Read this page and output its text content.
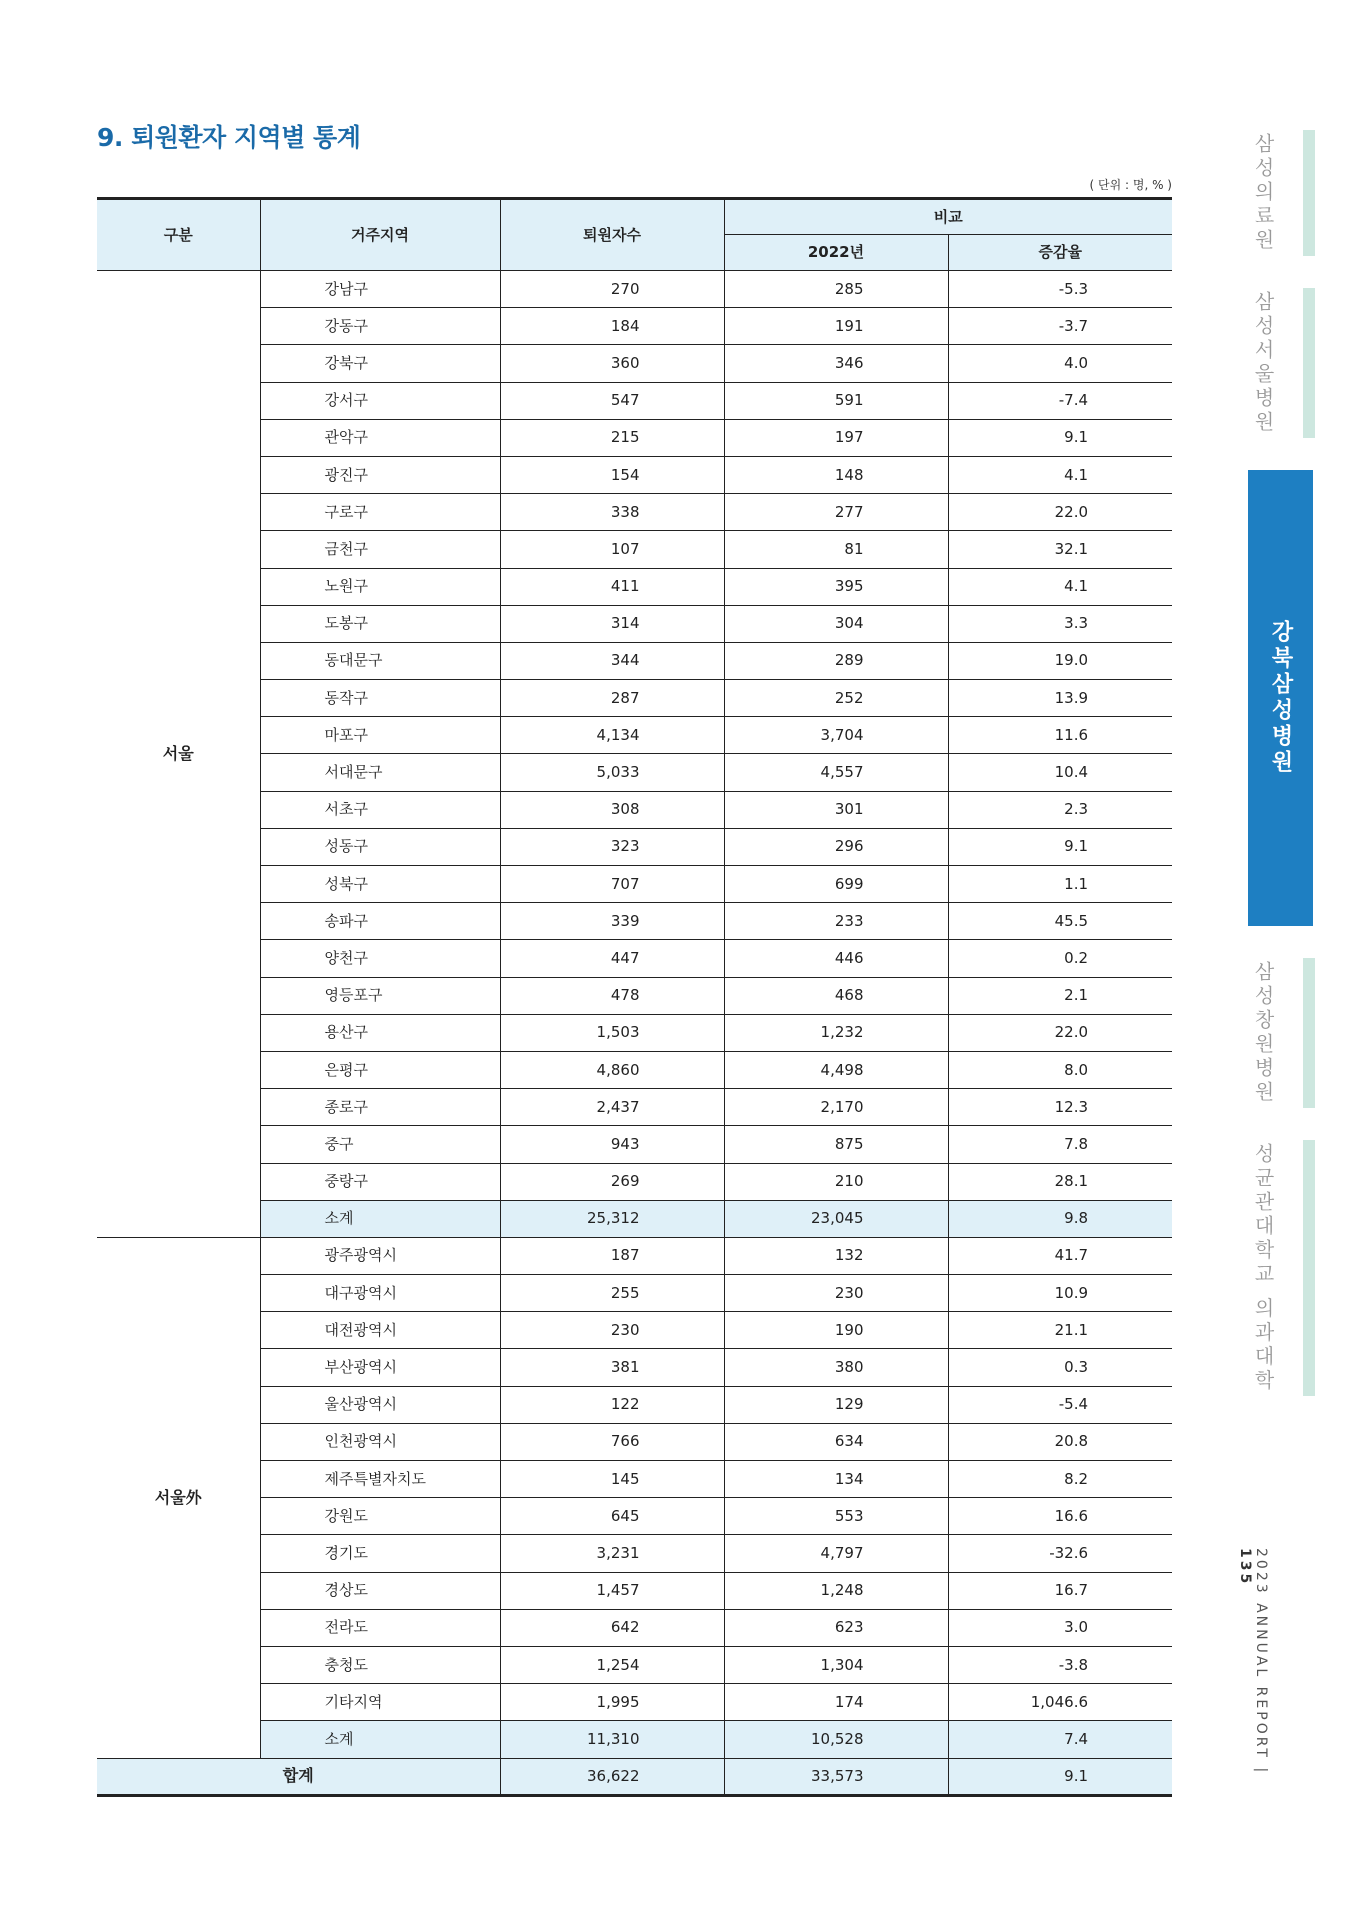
9. 퇴원환자 지역별 통계
( 단위 : 명, % )
구분	거주지역	퇴원자수	비교	
			2022년	증감율
서울	강남구	270	285	-5.3
	강동구	184	191	-3.7
	강북구	360	346	4.0
	강서구	547	591	-7.4
	관악구	215	197	9.1
	광진구	154	148	4.1
	구로구	338	277	22.0
	금천구	107	81	32.1
	노원구	411	395	4.1
	도봉구	314	304	3.3
	동대문구	344	289	19.0
	동작구	287	252	13.9
	마포구	4,134	3,704	11.6
	서대문구	5,033	4,557	10.4
	서초구	308	301	2.3
	성동구	323	296	9.1
	성북구	707	699	1.1
	송파구	339	233	45.5
	양천구	447	446	0.2
	영등포구	478	468	2.1
	용산구	1,503	1,232	22.0
	은평구	4,860	4,498	8.0
	종로구	2,437	2,170	12.3
	중구	943	875	7.8
	중랑구	269	210	28.1
	소계	25,312	23,045	9.8
서울外	광주광역시	187	132	41.7
	대구광역시	255	230	10.9
	대전광역시	230	190	21.1
	부산광역시	381	380	0.3
	울산광역시	122	129	-5.4
	인천광역시	766	634	20.8
	제주특별자치도	145	134	8.2
	강원도	645	553	16.6
	경기도	3,231	4,797	-32.6
	경상도	1,457	1,248	16.7
	전라도	642	623	3.0
	충청도	1,254	1,304	-3.8
	기타지역	1,995	174	1,046.6
	소계	11,310	10,528	7.4
합계		36,622	33,573	9.1
삼성의료원
삼성서울병원
강북삼성병원
삼성창원병원
성균관대학교 의과대학
2023 ANNUAL REPORT | 135
